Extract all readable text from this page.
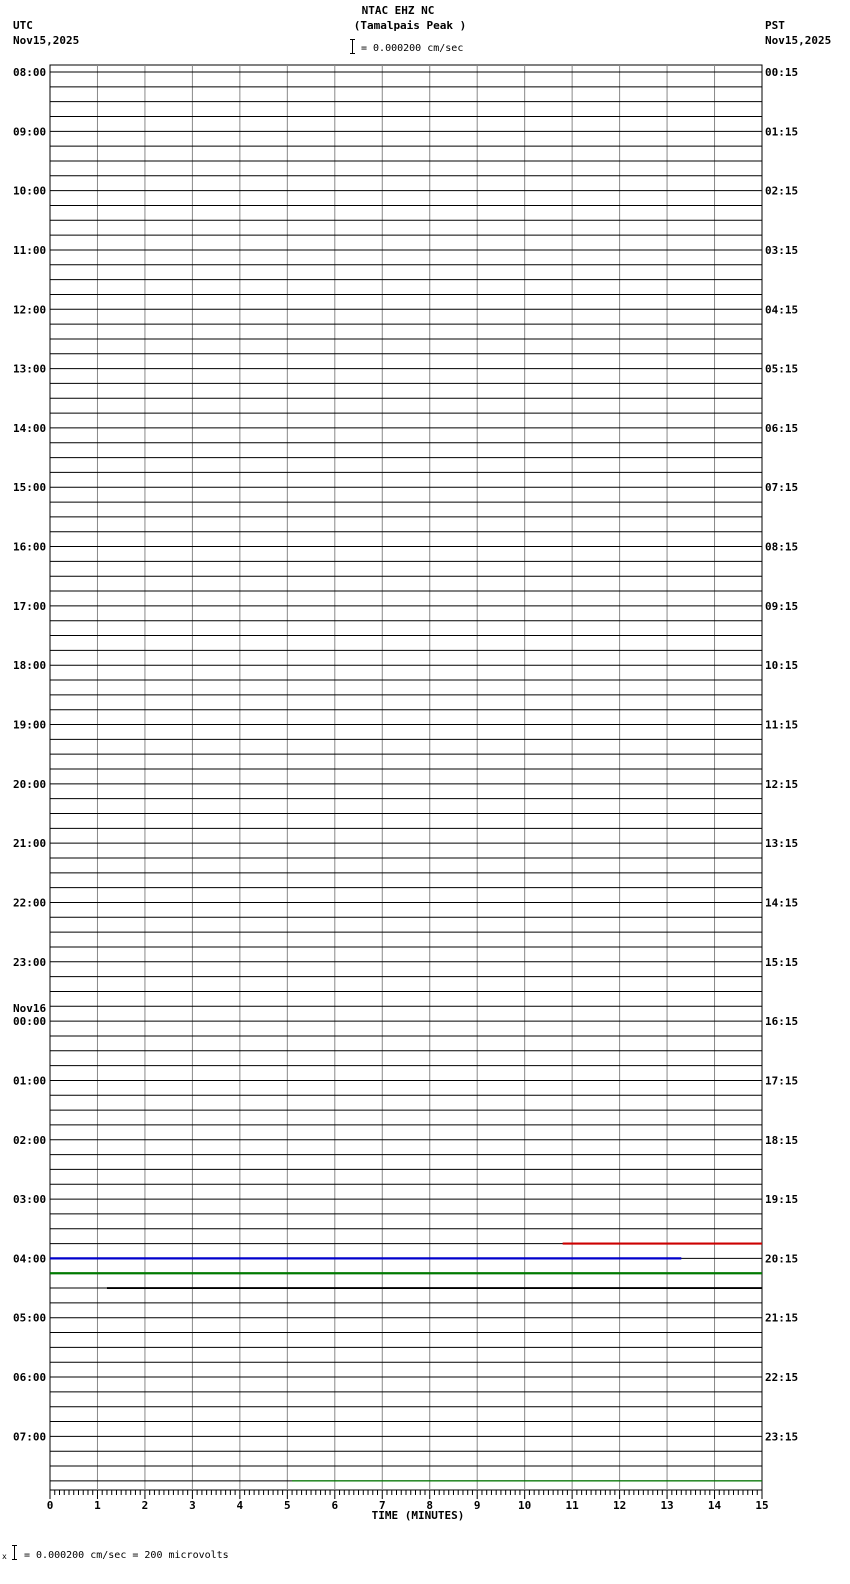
NTAC EHZ NC
(Tamalpais Peak )
= 0.000200 cm/sec
UTC
Nov15,2025
PST
Nov15,2025
Nov16
08:00	00:15
09:00	01:15
10:00	02:15
11:00	03:15
12:00	04:15
13:00	05:15
14:00	06:15
15:00	07:15
16:00	08:15
17:00	09:15
18:00	10:15
19:00	11:15
20:00	12:15
21:00	13:15
22:00	14:15
23:00	15:15
00:00	16:15
01:00	17:15
02:00	18:15
03:00	19:15
04:00	20:15
05:00	21:15
06:00	22:15
07:00	23:15
0	1	2	3	4	5	6	7	8	9	10	11	12	13	14	15
TIME (MINUTES)
x = 0.000200 cm/sec = 200 microvolts
